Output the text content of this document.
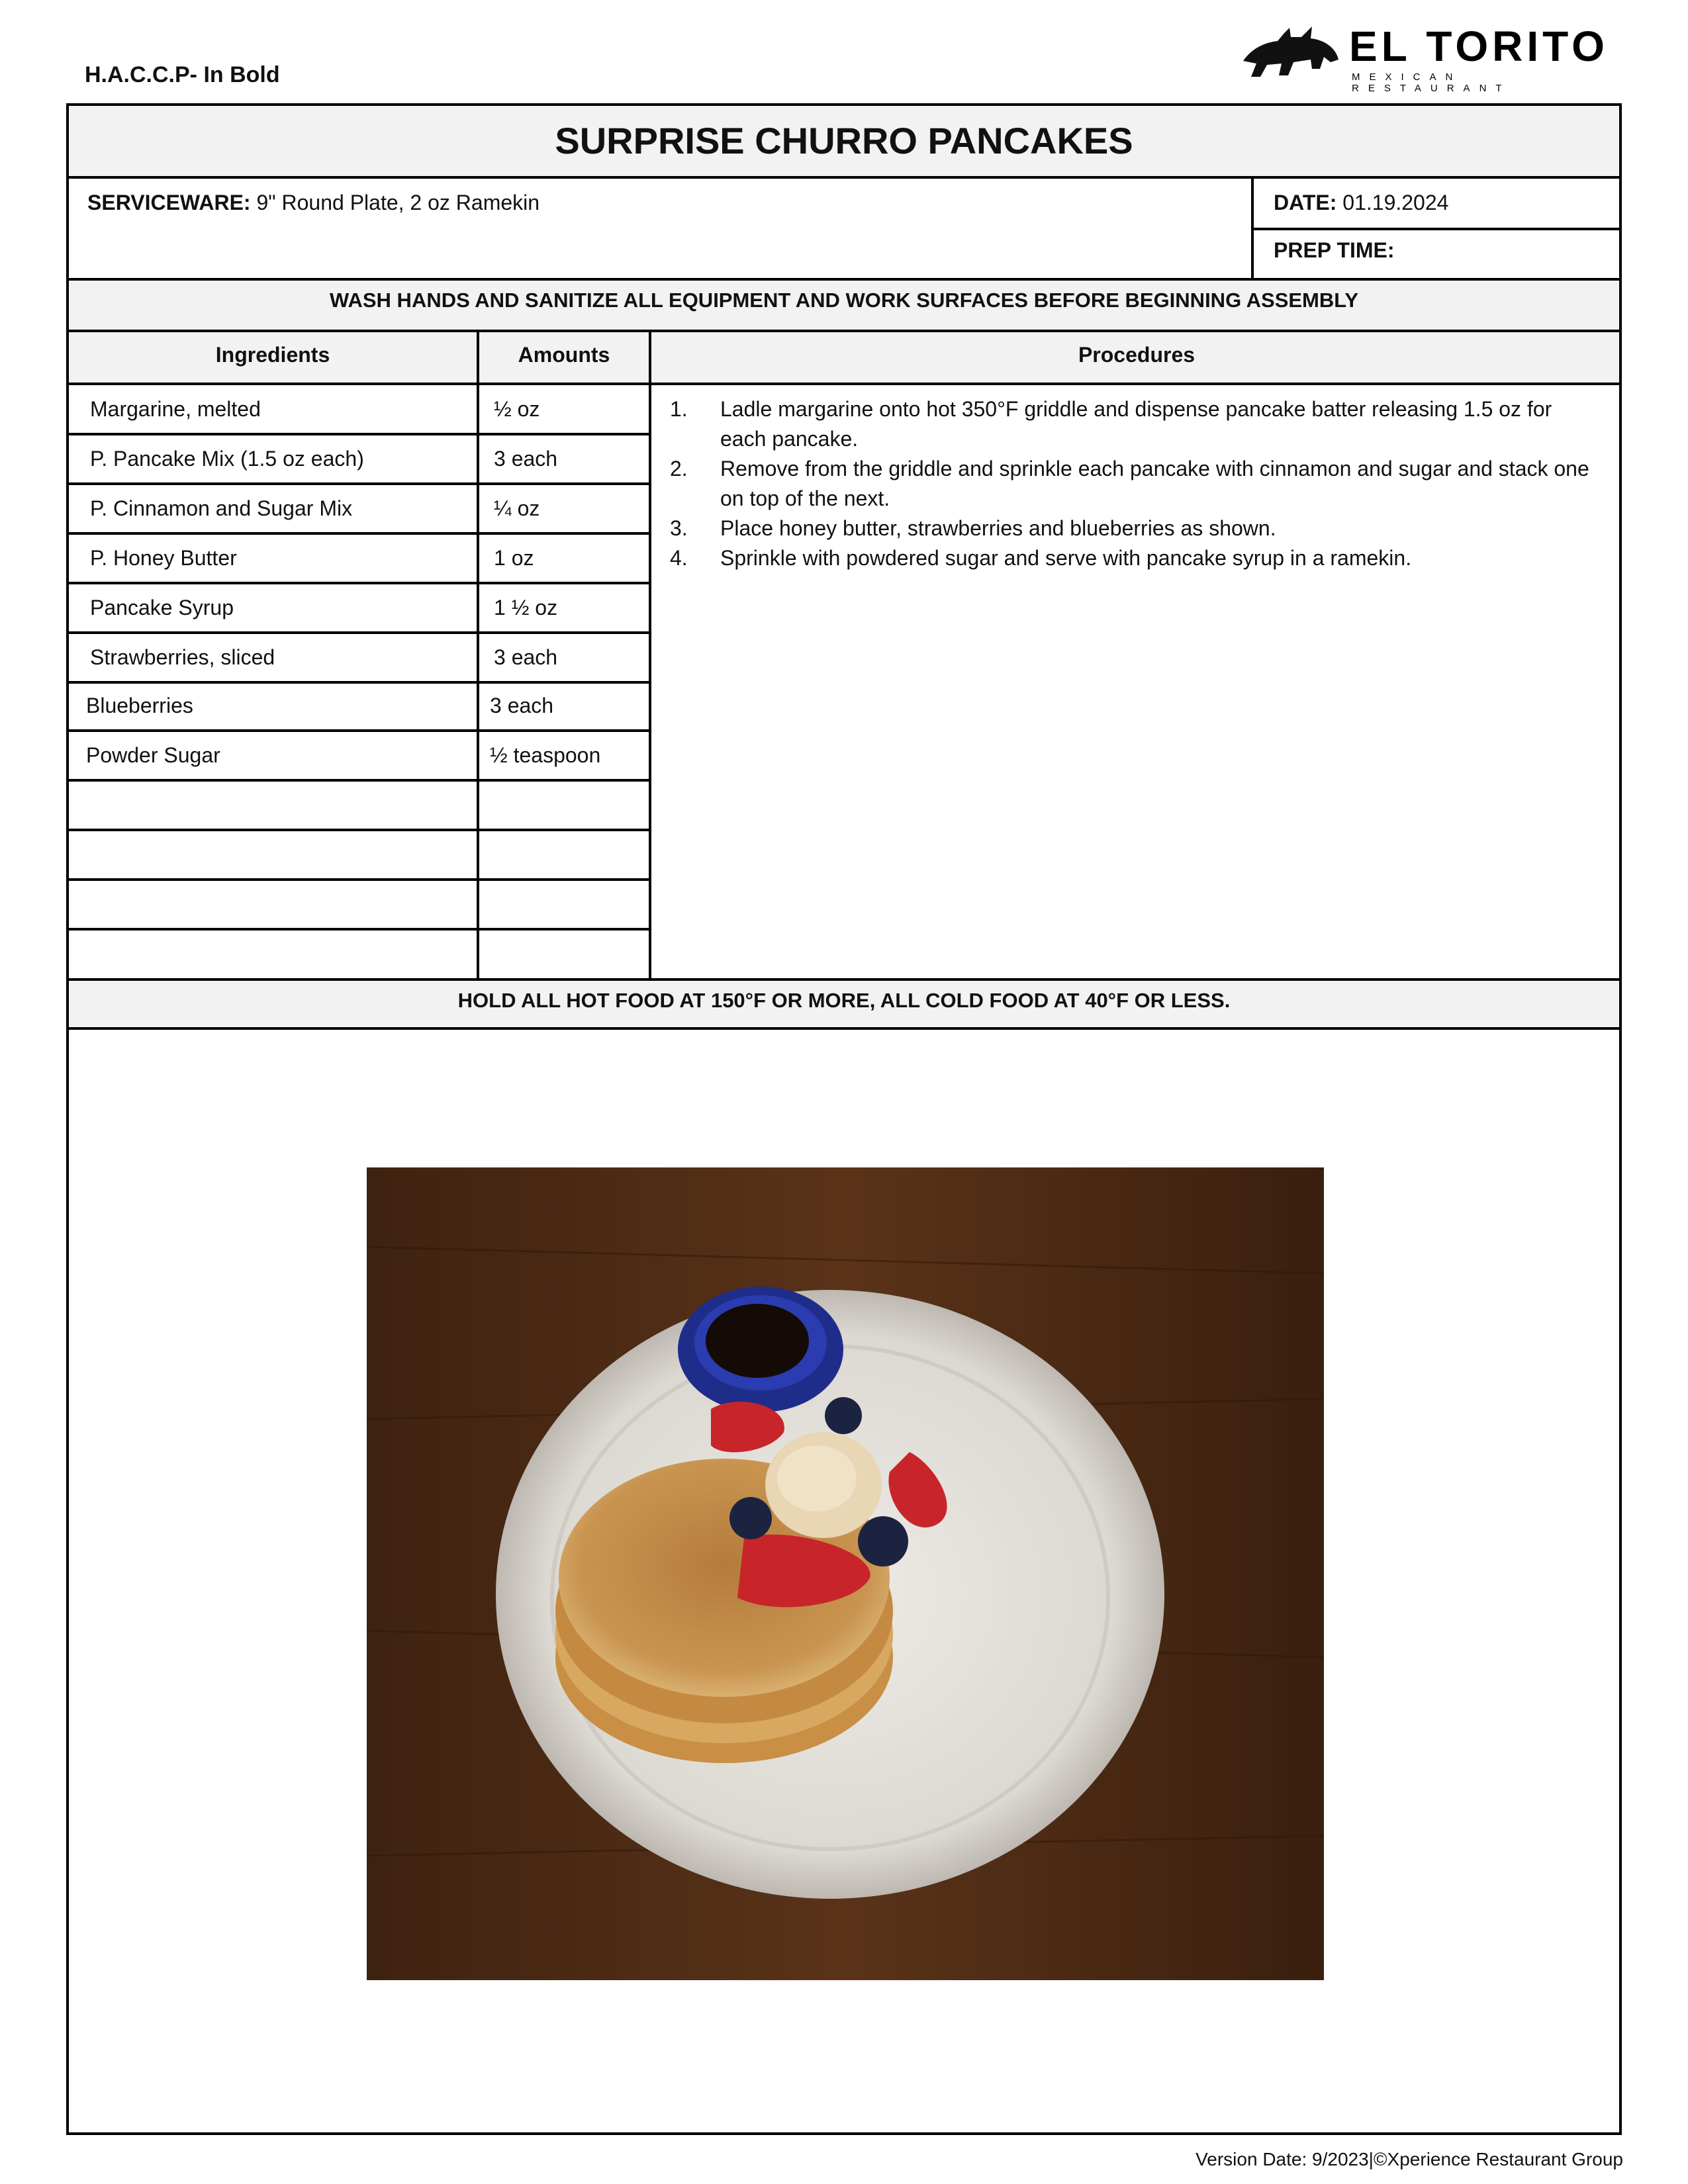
H.A.C.C.P- In Bold
EL TORITO
MEXICAN RESTAURANT
SURPRISE CHURRO PANCAKES
SERVICEWARE: 9" Round Plate, 2 oz Ramekin	DATE: 01.19.2024
PREP TIME:
WASH HANDS AND SANITIZE ALL EQUIPMENT AND WORK SURFACES BEFORE BEGINNING ASSEMBLY
Ingredients	Amounts	Procedures
Margarine, melted	½ oz
P. Pancake Mix (1.5 oz each)	3 each
P. Cinnamon and Sugar Mix	¼ oz
P. Honey Butter	1 oz
Pancake Syrup	1 ½ oz
Strawberries, sliced	3 each
Blueberries	3 each
Powder Sugar	½ teaspoon
1. Ladle margarine onto hot 350°F griddle and dispense pancake batter releasing 1.5 oz for each pancake.
2. Remove from the griddle and sprinkle each pancake with cinnamon and sugar and stack one on top of the next.
3. Place honey butter, strawberries and blueberries as shown.
4. Sprinkle with powdered sugar and serve with pancake syrup in a ramekin.
HOLD ALL HOT FOOD AT 150°F OR MORE, ALL COLD FOOD AT 40°F OR LESS.
Version Date: 9/2023|©Xperience Restaurant Group
